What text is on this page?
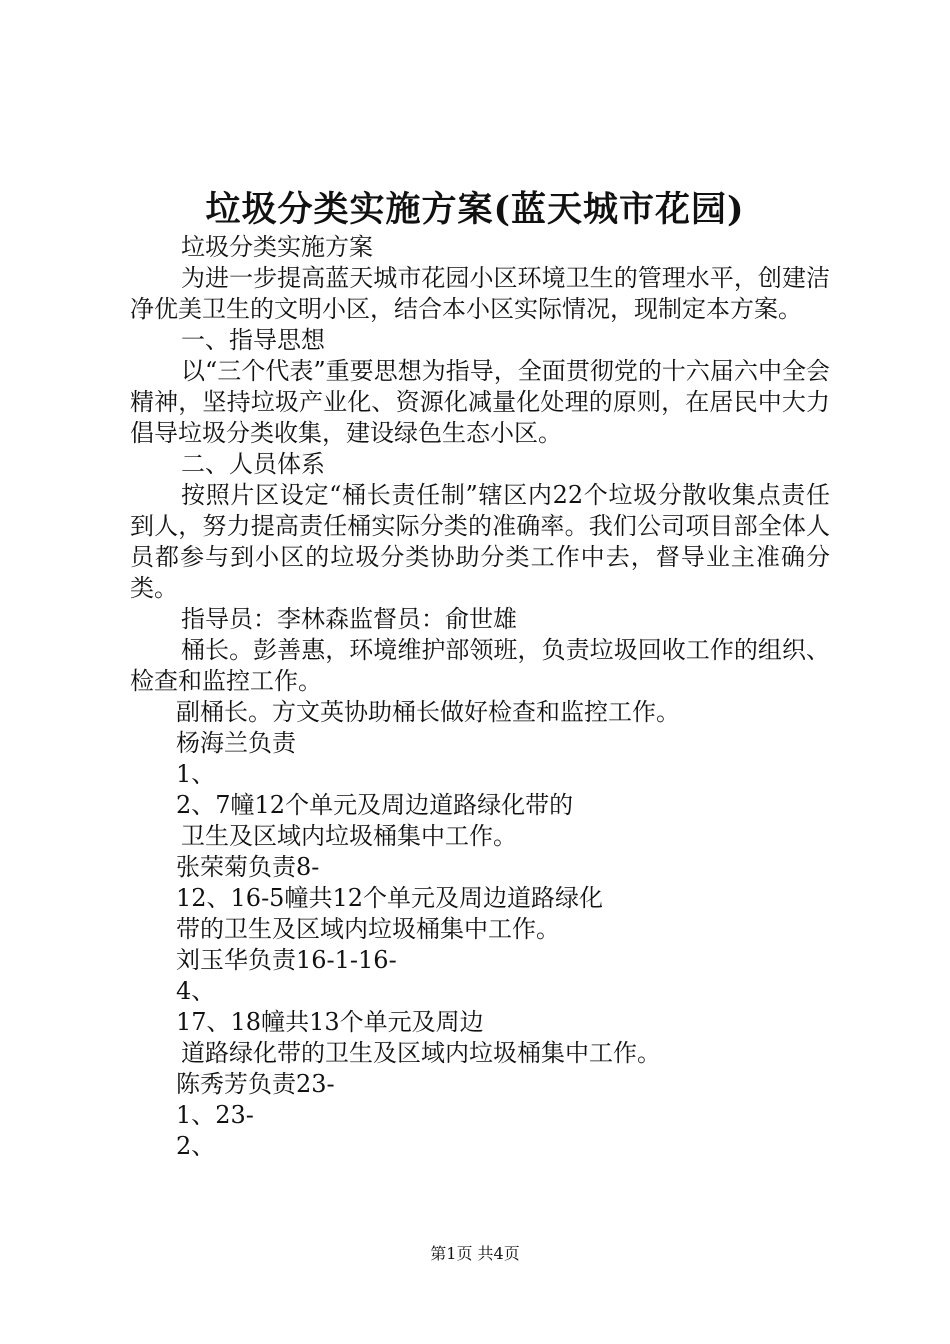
垃圾分类实施方案(蓝天城市花园)

垃圾分类实施方案

为进一步提高蓝天城市花园小区环境卫生的管理水平，创建洁净优美卫生的文明小区，结合本小区实际情况，现制定本方案。

一、指导思想

以“三个代表”重要思想为指导，全面贯彻党的十六届六中全会精神，坚持垃圾产业化、资源化减量化处理的原则，在居民中大力倡导垃圾分类收集，建设绿色生态小区。

二、人员体系

按照片区设定“桶长责任制”辖区内22个垃圾分散收集点责任到人，努力提高责任桶实际分类的准确率。我们公司项目部全体人员都参与到小区的垃圾分类协助分类工作中去，督导业主准确分类。

指导员：李林森监督员：俞世雄

桶长。彭善惠，环境维护部领班，负责垃圾回收工作的组织、检查和监控工作。

副桶长。方文英协助桶长做好检查和监控工作。

杨海兰负责

1、

2、7幢12个单元及周边道路绿化带的

卫生及区域内垃圾桶集中工作。

张荣菊负责8-

12、16-5幢共12个单元及周边道路绿化

带的卫生及区域内垃圾桶集中工作。

刘玉华负责16-1-16-

4、

17、18幢共13个单元及周边

道路绿化带的卫生及区域内垃圾桶集中工作。

陈秀芳负责23-

1、23-

2、

第1页 共4页
